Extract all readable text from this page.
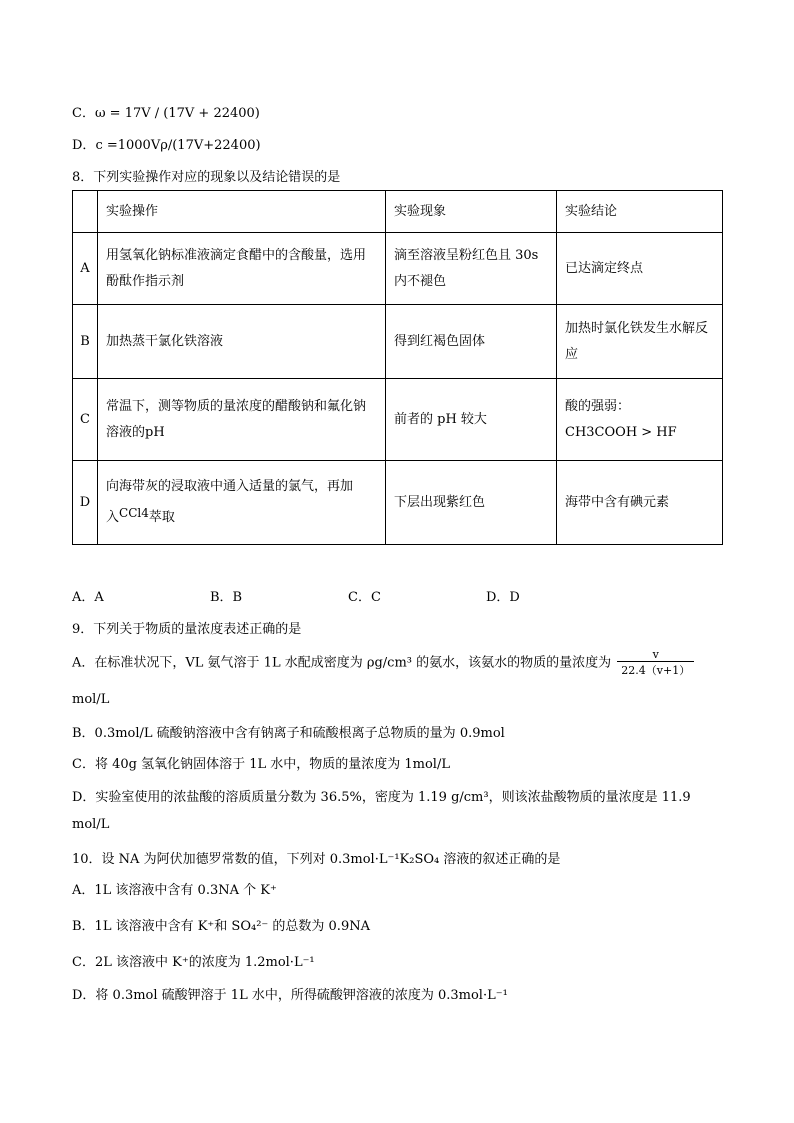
C．ω = 17V / (17V + 22400)
D．c =1000Vρ/(17V+22400)
8．下列实验操作对应的现象以及结论错误的是
	实验操作	实验现象	实验结论
A	用氢氧化钠标准液滴定食醋中的含酸量，选用酚酞作指示剂	滴至溶液呈粉红色且 30s 内不褪色	已达滴定终点
B	加热蒸干氯化铁溶液	得到红褐色固体	加热时氯化铁发生水解反应
C	常温下，测等物质的量浓度的醋酸钠和氟化钠溶液的pH	前者的 pH 较大	酸的强弱：
CH3COOH > HF

D	向海带灰的浸取液中通入适量的氯气，再加
入CCl4萃取	下层出现紫红色	海带中含有碘元素
A．A	B．B	C．C	D．D
9．下列关于物质的量浓度表述正确的是
A．在标准状况下，VL 氨气溶于 1L 水配成密度为 ρg/cm³ 的氨水，该氨水的物质的量浓度为 $\frac{v}{22.4(v+1)}$
mol/L
B．0.3mol/L 硫酸钠溶液中含有钠离子和硫酸根离子总物质的量为 0.9mol
C．将 40g 氢氧化钠固体溶于 1L 水中，物质的量浓度为 1mol/L
D．实验室使用的浓盐酸的溶质质量分数为 36.5%，密度为 1.19 g/cm³，则该浓盐酸物质的量浓度是 11.9
mol/L
10．设 NA 为阿伏加德罗常数的值，下列对 0.3mol·L⁻¹K₂SO₄ 溶液的叙述正确的是
A．1L 该溶液中含有 0.3NA 个 K⁺
B．1L 该溶液中含有 K⁺和 SO₄²⁻ 的总数为 0.9NA
C．2L 该溶液中 K⁺的浓度为 1.2mol·L⁻¹
D．将 0.3mol 硫酸钾溶于 1L 水中，所得硫酸钾溶液的浓度为 0.3mol·L⁻¹
